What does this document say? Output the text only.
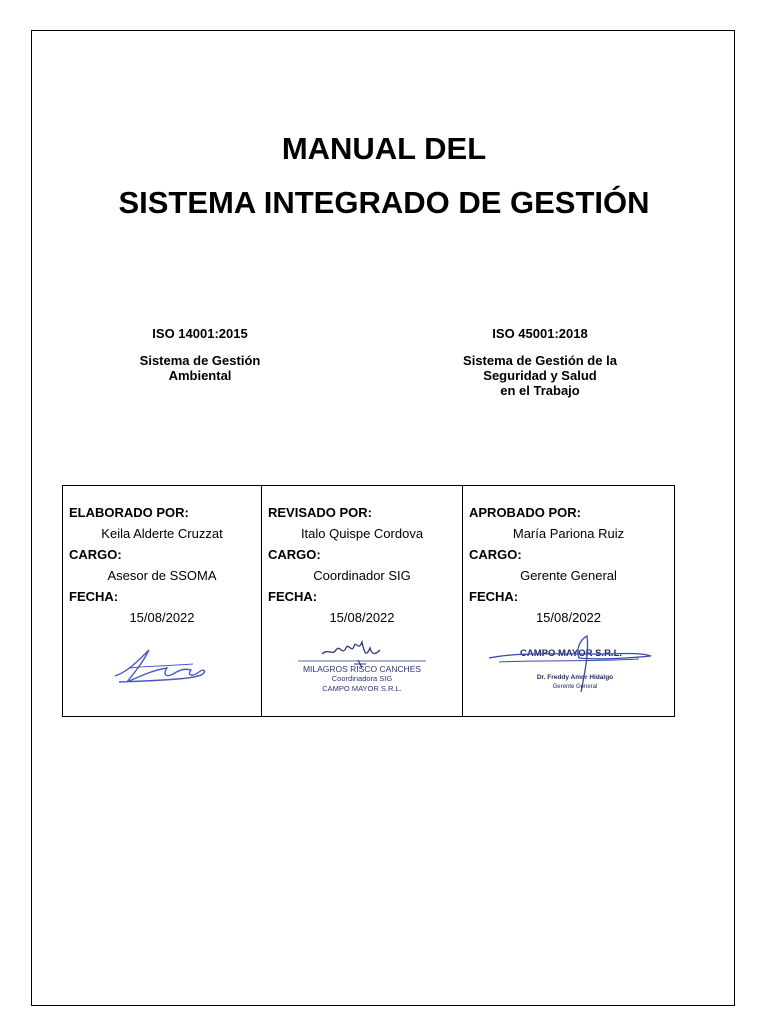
MANUAL DEL
SISTEMA INTEGRADO DE GESTIÓN
ISO 14001:2015
Sistema de Gestión
Ambiental
ISO 45001:2018
Sistema de Gestión de la
Seguridad y Salud
en el Trabajo
ELABORADO POR:
Keila Alderte Cruzzat
CARGO:
Asesor de SSOMA
FECHA:
15/08/2022

REVISADO POR:
Italo Quispe Cordova
CARGO:
Coordinador SIG
FECHA:
15/08/2022
MILAGROS RISCO CANCHES
Coordinadora SIG
CAMPO MAYOR S.R.L.

APROBADO POR:
María Pariona Ruiz
CARGO:
Gerente General
FECHA:
15/08/2022
CAMPO MAYOR S.R.L.
Dr. Freddy Amor Hidalgo
Gerente General
